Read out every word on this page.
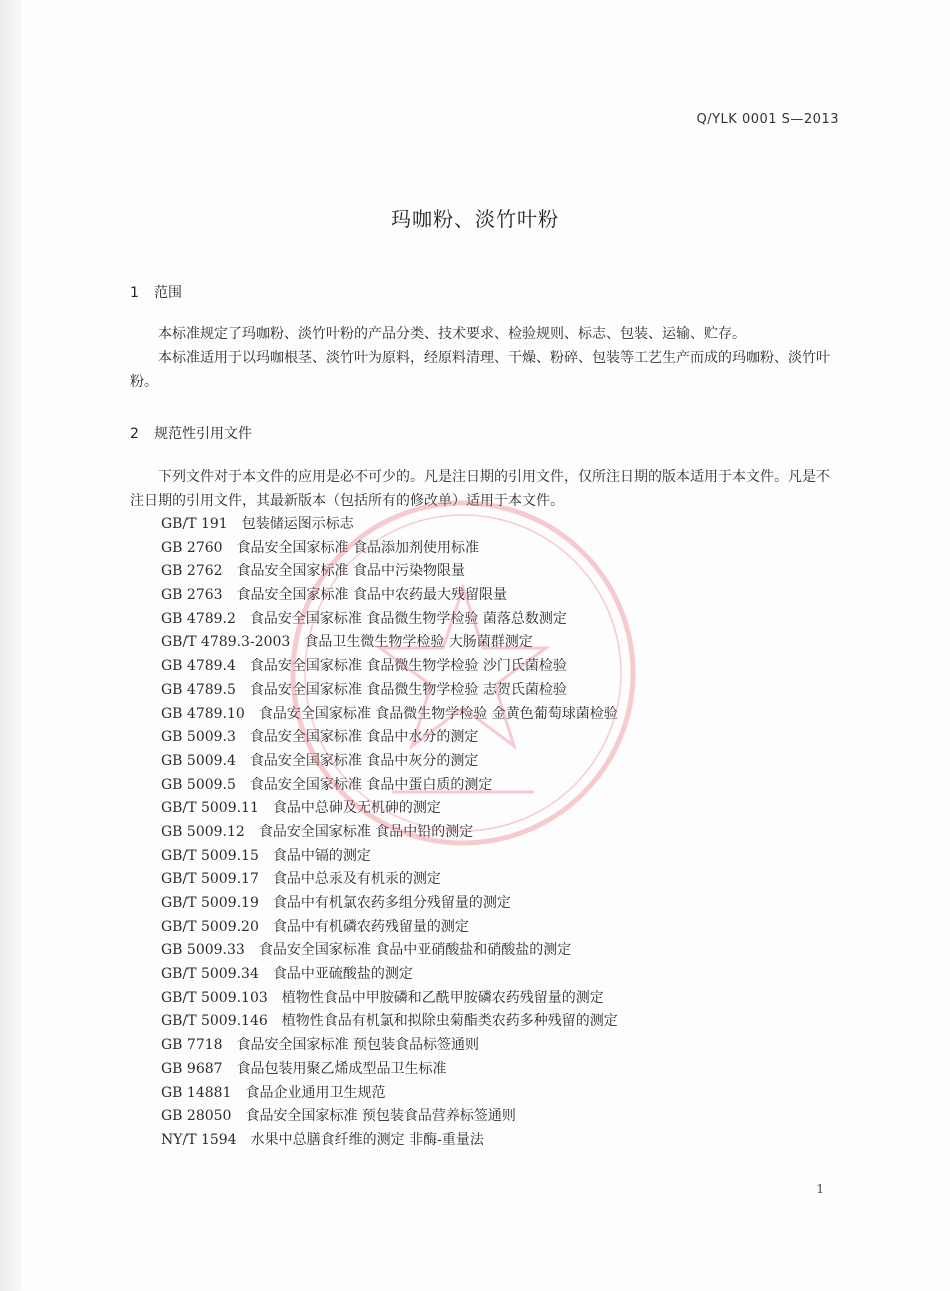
Q/YLK 0001 S—2013
玛咖粉、淡竹叶粉
1 范围

本标准规定了玛咖粉、淡竹叶粉的产品分类、技术要求、检验规则、标志、包装、运输、贮存。

本标准适用于以玛咖根茎、淡竹叶为原料，经原料清理、干燥、粉碎、包装等工艺生产而成的玛咖粉、淡竹叶粉。

2 规范性引用文件

下列文件对于本文件的应用是必不可少的。凡是注日期的引用文件，仅所注日期的版本适用于本文件。凡是不注日期的引用文件，其最新版本（包括所有的修改单）适用于本文件。

GB/T 191 包装储运图示标志
GB 2760 食品安全国家标准 食品添加剂使用标准
GB 2762 食品安全国家标准 食品中污染物限量
GB 2763 食品安全国家标准 食品中农药最大残留限量
GB 4789.2 食品安全国家标准 食品微生物学检验 菌落总数测定
GB/T 4789.3-2003 食品卫生微生物学检验 大肠菌群测定
GB 4789.4 食品安全国家标准 食品微生物学检验 沙门氏菌检验
GB 4789.5 食品安全国家标准 食品微生物学检验 志贺氏菌检验
GB 4789.10 食品安全国家标准 食品微生物学检验 金黄色葡萄球菌检验
GB 5009.3 食品安全国家标准 食品中水分的测定
GB 5009.4 食品安全国家标准 食品中灰分的测定
GB 5009.5 食品安全国家标准 食品中蛋白质的测定
GB/T 5009.11 食品中总砷及无机砷的测定
GB 5009.12 食品安全国家标准 食品中铅的测定
GB/T 5009.15 食品中镉的测定
GB/T 5009.17 食品中总汞及有机汞的测定
GB/T 5009.19 食品中有机氯农药多组分残留量的测定
GB/T 5009.20 食品中有机磷农药残留量的测定
GB 5009.33 食品安全国家标准 食品中亚硝酸盐和硝酸盐的测定
GB/T 5009.34 食品中亚硫酸盐的测定
GB/T 5009.103 植物性食品中甲胺磷和乙酰甲胺磷农药残留量的测定
GB/T 5009.146 植物性食品有机氯和拟除虫菊酯类农药多种残留的测定
GB 7718 食品安全国家标准 预包装食品标签通则
GB 9687 食品包装用聚乙烯成型品卫生标准
GB 14881 食品企业通用卫生规范
GB 28050 食品安全国家标准 预包装食品营养标签通则
NY/T 1594 水果中总膳食纤维的测定 非酶-重量法
1
